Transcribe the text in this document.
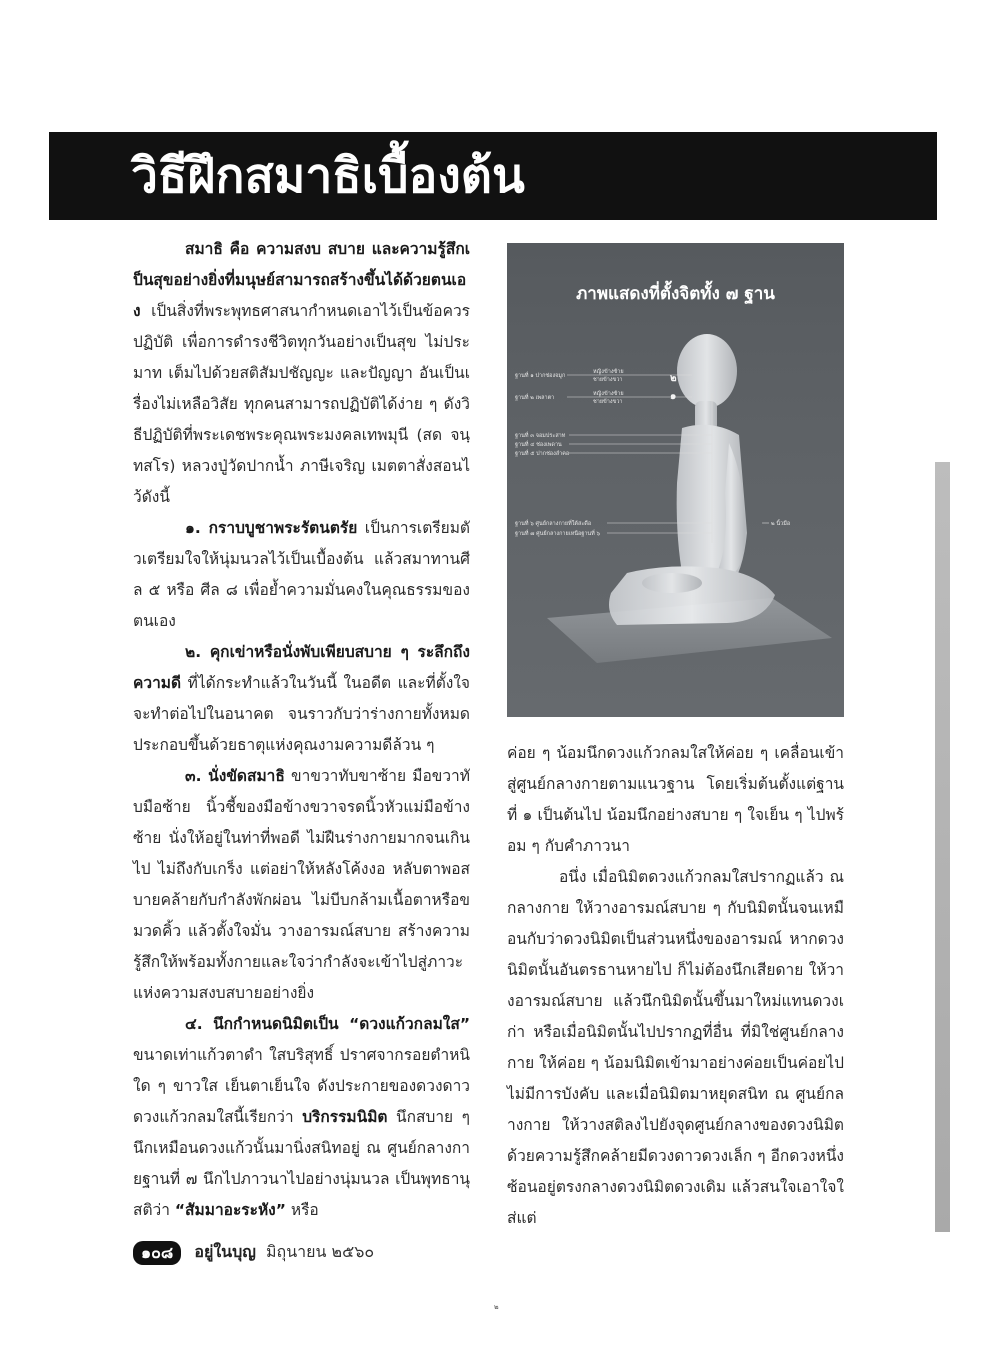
วิธีฝึกสมาธิเบื้องต้น

สมาธิ คือ ความสงบ สบาย และความรู้สึกเป็นสุขอย่างยิ่งที่มนุษย์สามารถสร้างขึ้นได้ด้วยตนเอง เป็นสิ่งที่พระพุทธศาสนากำหนดเอาไว้เป็นข้อควรปฏิบัติ เพื่อการดำรงชีวิตทุกวันอย่างเป็นสุข ไม่ประมาท เต็มไปด้วยสติสัมปชัญญะ และปัญญา อันเป็นเรื่องไม่เหลือวิสัย ทุกคนสามารถปฏิบัติได้ง่าย ๆ ดังวิธีปฏิบัติที่พระเดชพระคุณพระมงคลเทพมุนี (สด จนฺทสโร) หลวงปู่วัดปากน้ำ ภาษีเจริญ เมตตาสั่งสอนไว้ดังนี้

๑. กราบบูชาพระรัตนตรัย เป็นการเตรียมตัวเตรียมใจให้นุ่มนวลไว้เป็นเบื้องต้น แล้วสมาทานศีล ๕ หรือ ศีล ๘ เพื่อย้ำความมั่นคงในคุณธรรมของตนเอง

๒. คุกเข่าหรือนั่งพับเพียบสบาย ๆ ระลึกถึงความดี ที่ได้กระทำแล้วในวันนี้ ในอดีต และที่ตั้งใจจะทำต่อไปในอนาคต จนราวกับว่าร่างกายทั้งหมดประกอบขึ้นด้วยธาตุแห่งคุณงามความดีล้วน ๆ

๓. นั่งขัดสมาธิ ขาขวาทับขาซ้าย มือขวาทับมือซ้าย นิ้วชี้ของมือข้างขวาจรดนิ้วหัวแม่มือข้างซ้าย นั่งให้อยู่ในท่าที่พอดี ไม่ฝืนร่างกายมากจนเกินไป ไม่ถึงกับเกร็ง แต่อย่าให้หลังโค้งงอ หลับตาพอสบายคล้ายกับกำลังพักผ่อน ไม่บีบกล้ามเนื้อตาหรือขมวดคิ้ว แล้วตั้งใจมั่น วางอารมณ์สบาย สร้างความรู้สึกให้พร้อมทั้งกายและใจว่ากำลังจะเข้าไปสู่ภาวะแห่งความสงบสบายอย่างยิ่ง

๔. นึกกำหนดนิมิตเป็น “ดวงแก้วกลมใส” ขนาดเท่าแก้วตาดำ ใสบริสุทธิ์ ปราศจากรอยตำหนิใด ๆ ขาวใส เย็นตาเย็นใจ ดังประกายของดวงดาว ดวงแก้วกลมใสนี้เรียกว่า บริกรรมนิมิต นึกสบาย ๆ นึกเหมือนดวงแก้วนั้นมานิ่งสนิทอยู่ ณ ศูนย์กลางกายฐานที่ ๗ นึกไปภาวนาไปอย่างนุ่มนวล เป็นพุทธานุสติว่า “สัมมาอะระหัง” หรือ

ภาพแสดงที่ตั้งจิตทั้ง ๗ ฐาน
ฐานที่ ๑ ปากช่องจมูก
หญิงข้างซ้าย
ชายข้างขวา
ฐานที่ ๒ เพลาตา
หญิงข้างซ้าย
ชายข้างขวา
ฐานที่ ๓ จอมประสาท
ฐานที่ ๔ ช่องเพดาน
ฐานที่ ๕ ปากช่องลำคอ
ฐานที่ ๖ ศูนย์กลางกายที่ใต้สะดือ
ฐานที่ ๗ ศูนย์กลางกายเหนือฐานที่ ๖
๒ นิ้วมือ
๒
๑

ค่อย ๆ น้อมนึกดวงแก้วกลมใสให้ค่อย ๆ เคลื่อนเข้าสู่ศูนย์กลางกายตามแนวฐาน โดยเริ่มต้นตั้งแต่ฐานที่ ๑ เป็นต้นไป น้อมนึกอย่างสบาย ๆ ใจเย็น ๆ ไปพร้อม ๆ กับคำภาวนา

อนึ่ง เมื่อนิมิตดวงแก้วกลมใสปรากฏแล้ว ณ กลางกาย ให้วางอารมณ์สบาย ๆ กับนิมิตนั้นจนเหมือนกับว่าดวงนิมิตเป็นส่วนหนึ่งของอารมณ์ หากดวงนิมิตนั้นอันตรธานหายไป ก็ไม่ต้องนึกเสียดาย ให้วางอารมณ์สบาย แล้วนึกนิมิตนั้นขึ้นมาใหม่แทนดวงเก่า หรือเมื่อนิมิตนั้นไปปรากฏที่อื่น ที่มิใช่ศูนย์กลางกาย ให้ค่อย ๆ น้อมนิมิตเข้ามาอย่างค่อยเป็นค่อยไป ไม่มีการบังคับ และเมื่อนิมิตมาหยุดสนิท ณ ศูนย์กลางกาย ให้วางสติลงไปยังจุดศูนย์กลางของดวงนิมิต ด้วยความรู้สึกคล้ายมีดวงดาวดวงเล็ก ๆ อีกดวงหนึ่ง ซ้อนอยู่ตรงกลางดวงนิมิตดวงเดิม แล้วสนใจเอาใจใส่แต่

๑๐๘ อยู่ในบุญ มิถุนายน ๒๕๖๐
๒
